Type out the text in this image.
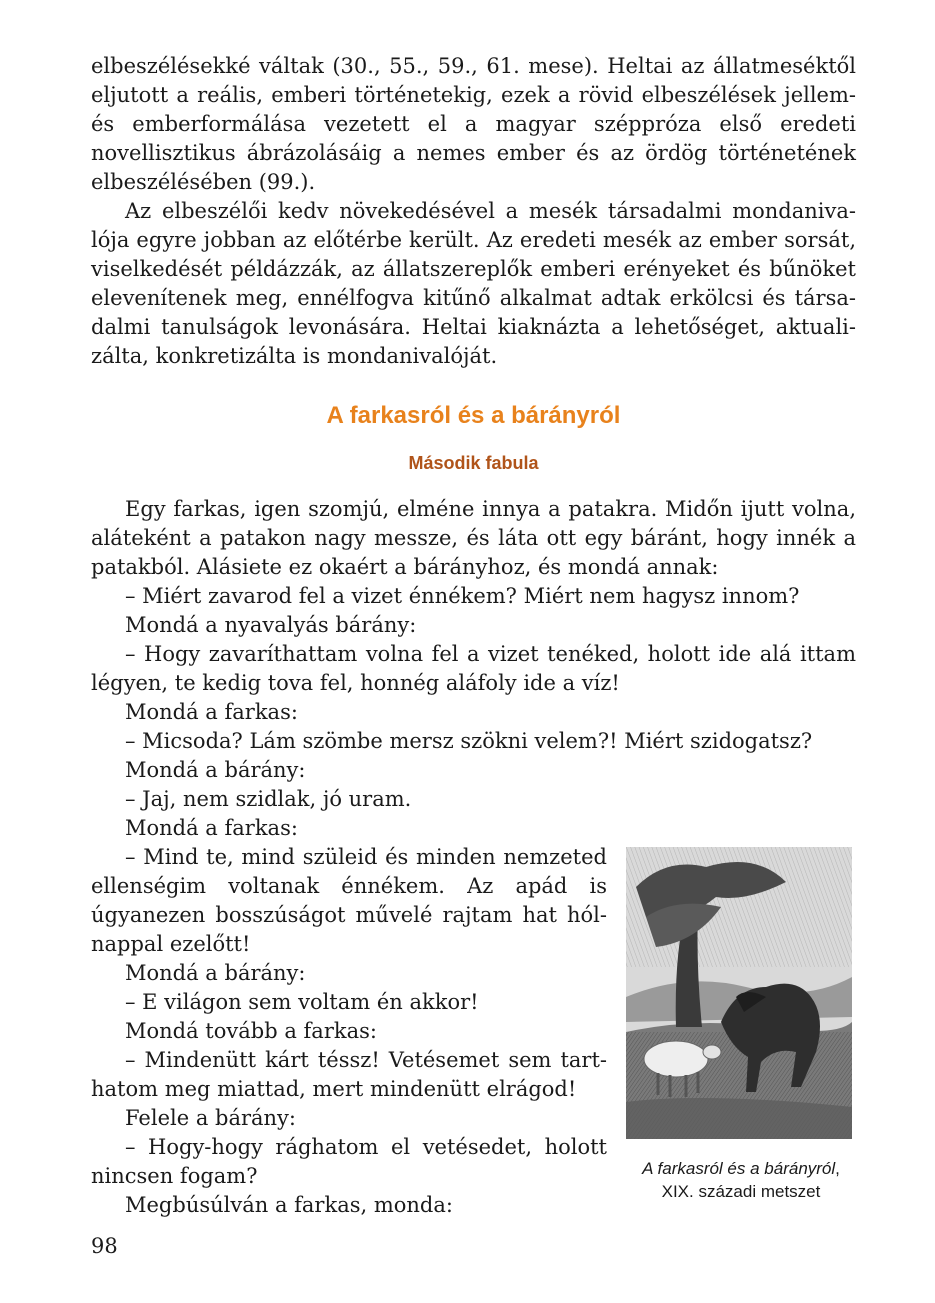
elbeszélésekké váltak (30., 55., 59., 61. mese). Heltai az állatmeséktől eljutott a reális, emberi történetekig, ezek a rövid elbeszélések jellem- és emberformálása vezetett el a magyar széppróza első eredeti novellisztikus ábrázolásáig a nemes ember és az ördög történetének elbeszélésében (99.).

Az elbeszélői kedv növekedésével a mesék társadalmi mondanivalója egyre jobban az előtérbe került. Az eredeti mesék az ember sorsát, viselkedését példázzák, az állatszereplők emberi erényeket és bűnöket elevenítenek meg, ennélfogva kitűnő alkalmat adtak erkölcsi és társadalmi tanulságok levonására. Heltai kiaknázta a lehetőséget, aktualizálta, konkretizálta is mondanivalóját.

A farkasról és a bárányról
Második fabula

Egy farkas, igen szomjú, elméne innya a patakra. Midőn ijutt volna, aláteként a patakon nagy messze, és láta ott egy báránt, hogy innék a patakból. Alásiete ez okaért a bárányhoz, és mondá annak:

– Miért zavarod fel a vizet énnékem? Miért nem hagysz innom?

Mondá a nyavalyás bárány:

– Hogy zavaríthattam volna fel a vizet tenéked, holott ide alá ittam légyen, te kedig tova fel, honnég aláfoly ide a víz!

Mondá a farkas:

– Micsoda? Lám szömbe mersz szökni velem?! Miért szidogatsz?

Mondá a bárány:

– Jaj, nem szidlak, jó uram.

Mondá a farkas:

– Mind te, mind szüleid és minden nemzeted ellenségim voltanak énnékem. Az apád is úgyanezen bosszúságot művelé rajtam hat hólnappal ezelőtt!

Mondá a bárány:

– E világon sem voltam én akkor!

Mondá tovább a farkas:

– Mindenütt kárt téssz! Vetésemet sem tarthatom meg miattad, mert mindenütt elrágod!

Felele a bárány:

– Hogy-hogy rághatom el vetésedet, holott nincsen fogam?

Megbúsúlván a farkas, monda:

A farkasról és a bárányról, XIX. századi metszet
98
